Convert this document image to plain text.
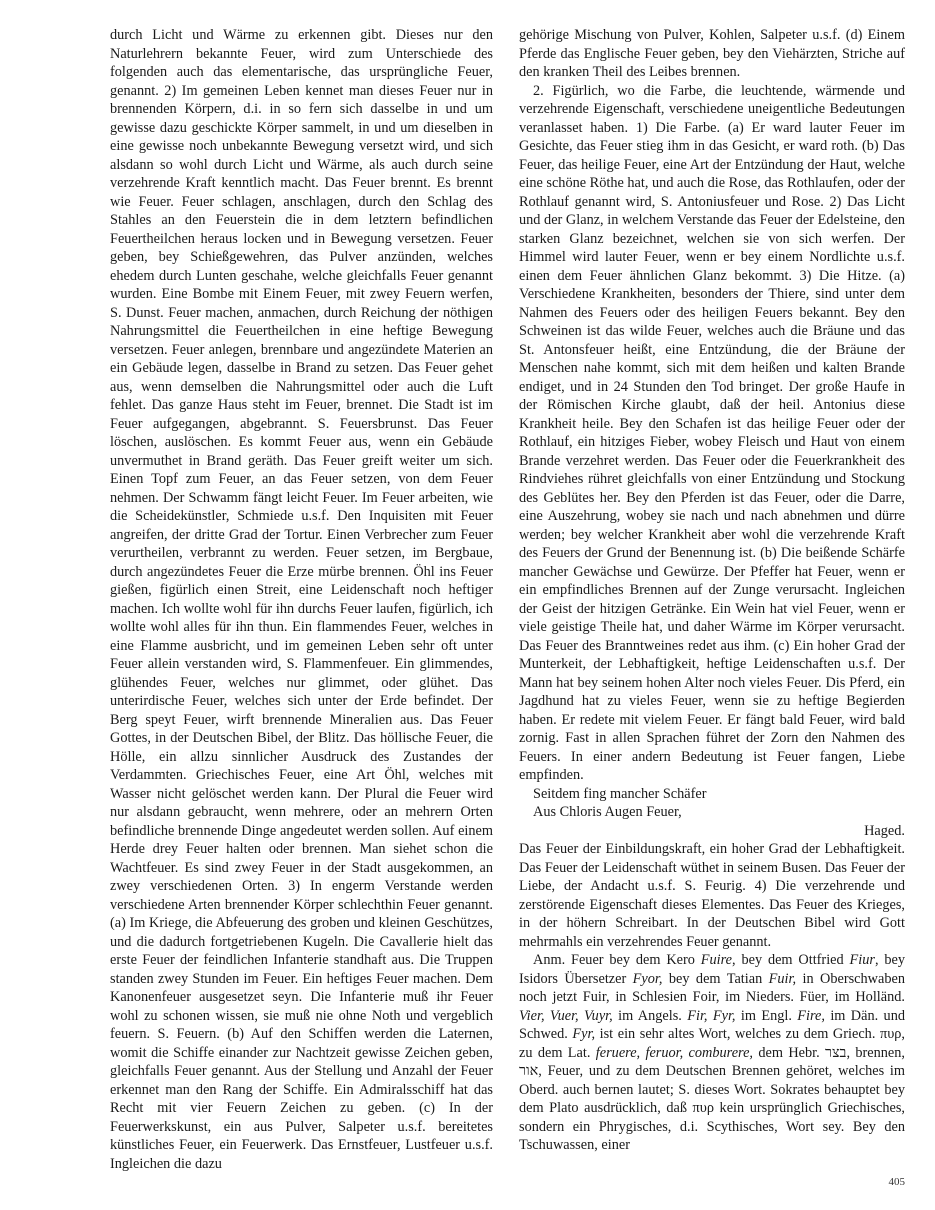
durch Licht und Wärme zu erkennen gibt. Dieses nur den Naturlehrern bekannte Feuer, wird zum Unterschiede des folgenden auch das elementarische, das ursprüngliche Feuer, genannt. 2) Im gemeinen Leben kennet man dieses Feuer nur in brennenden Körpern, d.i. in so fern sich dasselbe in und um gewisse dazu geschickte Körper sammelt, in und um dieselben in eine gewisse noch unbekannte Bewegung versetzt wird, und sich alsdann so wohl durch Licht und Wärme, als auch durch seine verzehrende Kraft kenntlich macht. Das Feuer brennt. Es brennt wie Feuer. Feuer schlagen, anschlagen, durch den Schlag des Stahles an den Feuerstein die in dem letztern befindlichen Feuertheilchen heraus locken und in Bewegung versetzen. Feuer geben, bey Schießgewehren, das Pulver anzünden, welches ehedem durch Lunten geschahe, welche gleichfalls Feuer genannt wurden. Eine Bombe mit Einem Feuer, mit zwey Feuern werfen, S. Dunst. Feuer machen, anmachen, durch Reichung der nöthigen Nahrungsmittel die Feuertheilchen in eine heftige Bewegung versetzen. Feuer anlegen, brennbare und angezündete Materien an ein Gebäude legen, dasselbe in Brand zu setzen. Das Feuer gehet aus, wenn demselben die Nahrungsmittel oder auch die Luft fehlet. Das ganze Haus steht im Feuer, brennet. Die Stadt ist im Feuer aufgegangen, abgebrannt. S. Feuersbrunst. Das Feuer löschen, auslöschen. Es kommt Feuer aus, wenn ein Gebäude unvermuthet in Brand geräth. Das Feuer greift weiter um sich. Einen Topf zum Feuer, an das Feuer setzen, von dem Feuer nehmen. Der Schwamm fängt leicht Feuer. Im Feuer arbeiten, wie die Scheidekünstler, Schmiede u.s.f. Den Inquisiten mit Feuer angreifen, der dritte Grad der Tortur. Einen Verbrecher zum Feuer verurtheilen, verbrannt zu werden. Feuer setzen, im Bergbaue, durch angezündetes Feuer die Erze mürbe brennen. Öhl ins Feuer gießen, figürlich einen Streit, eine Leidenschaft noch heftiger machen. Ich wollte wohl für ihn durchs Feuer laufen, figürlich, ich wollte wohl alles für ihn thun. Ein flammendes Feuer, welches in eine Flamme ausbricht, und im gemeinen Leben sehr oft unter Feuer allein verstanden wird, S. Flammenfeuer. Ein glimmendes, glühendes Feuer, welches nur glimmet, oder glühet. Das unterirdische Feuer, welches sich unter der Erde befindet. Der Berg speyt Feuer, wirft brennende Mineralien aus. Das Feuer Gottes, in der Deutschen Bibel, der Blitz. Das höllische Feuer, die Hölle, ein allzu sinnlicher Ausdruck des Zustandes der Verdammten. Griechisches Feuer, eine Art Öhl, welches mit Wasser nicht gelöschet werden kann. Der Plural die Feuer wird nur alsdann gebraucht, wenn mehrere, oder an mehrern Orten befindliche brennende Dinge angedeutet werden sollen. Auf einem Herde drey Feuer halten oder brennen. Man siehet schon die Wachtfeuer. Es sind zwey Feuer in der Stadt ausgekommen, an zwey verschiedenen Orten. 3) In engerm Verstande werden verschiedene Arten brennender Körper schlechthin Feuer genannt. (a) Im Kriege, die Abfeuerung des groben und kleinen Geschützes, und die dadurch fortgetriebenen Kugeln. Die Cavallerie hielt das erste Feuer der feindlichen Infanterie standhaft aus. Die Truppen standen zwey Stunden im Feuer. Ein heftiges Feuer machen. Dem Kanonenfeuer ausgesetzet seyn. Die Infanterie muß ihr Feuer wohl zu schonen wissen, sie muß nie ohne Noth und vergeblich feuern. S. Feuern. (b) Auf den Schiffen werden die Laternen, womit die Schiffe einander zur Nachtzeit gewisse Zeichen geben, gleichfalls Feuer genannt. Aus der Stellung und Anzahl der Feuer erkennet man den Rang der Schiffe. Ein Admiralsschiff hat das Recht mit vier Feuern Zeichen zu geben. (c) In der Feuerwerkskunst, ein aus Pulver, Salpeter u.s.f. bereitetes künstliches Feuer, ein Feuerwerk. Das Ernstfeuer, Lustfeuer u.s.f. Ingleichen die dazu

gehörige Mischung von Pulver, Kohlen, Salpeter u.s.f. (d) Einem Pferde das Englische Feuer geben, bey den Viehärzten, Striche auf den kranken Theil des Leibes brennen.

2. Figürlich, wo die Farbe, die leuchtende, wärmende und verzehrende Eigenschaft, verschiedene uneigentliche Bedeutungen veranlasset haben. 1) Die Farbe. (a) Er ward lauter Feuer im Gesichte, das Feuer stieg ihm in das Gesicht, er ward roth. (b) Das Feuer, das heilige Feuer, eine Art der Entzündung der Haut, welche eine schöne Röthe hat, und auch die Rose, das Rothlaufen, oder der Rothlauf genannt wird, S. Antoniusfeuer und Rose. 2) Das Licht und der Glanz, in welchem Verstande das Feuer der Edelsteine, den starken Glanz bezeichnet, welchen sie von sich werfen. Der Himmel wird lauter Feuer, wenn er bey einem Nordlichte u.s.f. einen dem Feuer ähnlichen Glanz bekommt. 3) Die Hitze. (a) Verschiedene Krankheiten, besonders der Thiere, sind unter dem Nahmen des Feuers oder des heiligen Feuers bekannt. Bey den Schweinen ist das wilde Feuer, welches auch die Bräune und das St. Antonsfeuer heißt, eine Entzündung, die der Bräune der Menschen nahe kommt, sich mit dem heißen und kalten Brande endiget, und in 24 Stunden den Tod bringet. Der große Haufe in der Römischen Kirche glaubt, daß der heil. Antonius diese Krankheit heile. Bey den Schafen ist das heilige Feuer oder der Rothlauf, ein hitziges Fieber, wobey Fleisch und Haut von einem Brande verzehret werden. Das Feuer oder die Feuerkrankheit des Rindviehes rühret gleichfalls von einer Entzündung und Stockung des Geblütes her. Bey den Pferden ist das Feuer, oder die Darre, eine Auszehrung, wobey sie nach und nach abnehmen und dürre werden; bey welcher Krankheit aber wohl die verzehrende Kraft des Feuers der Grund der Benennung ist. (b) Die beißende Schärfe mancher Gewächse und Gewürze. Der Pfeffer hat Feuer, wenn er ein empfindliches Brennen auf der Zunge verursacht. Ingleichen der Geist der hitzigen Getränke. Ein Wein hat viel Feuer, wenn er viele geistige Theile hat, und daher Wärme im Körper verursacht. Das Feuer des Branntweines redet aus ihm. (c) Ein hoher Grad der Munterkeit, der Lebhaftigkeit, heftige Leidenschaften u.s.f. Der Mann hat bey seinem hohen Alter noch vieles Feuer. Dis Pferd, ein Jagdhund hat zu vieles Feuer, wenn sie zu heftige Begierden haben. Er redete mit vielem Feuer. Er fängt bald Feuer, wird bald zornig. Fast in allen Sprachen führet der Zorn den Nahmen des Feuers. In einer andern Bedeutung ist Feuer fangen, Liebe empfinden.

Seitdem fing mancher Schäfer

Aus Chloris Augen Feuer,

Haged.

Das Feuer der Einbildungskraft, ein hoher Grad der Lebhaftigkeit. Das Feuer der Leidenschaft wüthet in seinem Busen. Das Feuer der Liebe, der Andacht u.s.f. S. Feurig. 4) Die verzehrende und zerstörende Eigenschaft dieses Elementes. Das Feuer des Krieges, in der höhern Schreibart. In der Deutschen Bibel wird Gott mehrmahls ein verzehrendes Feuer genannt.

Anm. Feuer bey dem Kero Fuire, bey dem Ottfried Fiur, bey Isidors Übersetzer Fyor, bey dem Tatian Fuir, in Oberschwaben noch jetzt Fuir, in Schlesien Foir, im Nieders. Füer, im Holländ. Vier, Vuer, Vuyr, im Angels. Fir, Fyr, im Engl. Fire, im Dän. und Schwed. Fyr, ist ein sehr altes Wort, welches zu dem Griech. πυρ, zu dem Lat. feruere, feruor, comburere, dem Hebr. בצר, brennen, אור, Feuer, und zu dem Deutschen Brennen gehöret, welches im Oberd. auch bernen lautet; S. dieses Wort. Sokrates behauptet bey dem Plato ausdrücklich, daß πυρ kein ursprünglich Griechisches, sondern ein Phrygisches, d.i. Scythisches, Wort sey. Bey den Tschuwassen, einer

405
